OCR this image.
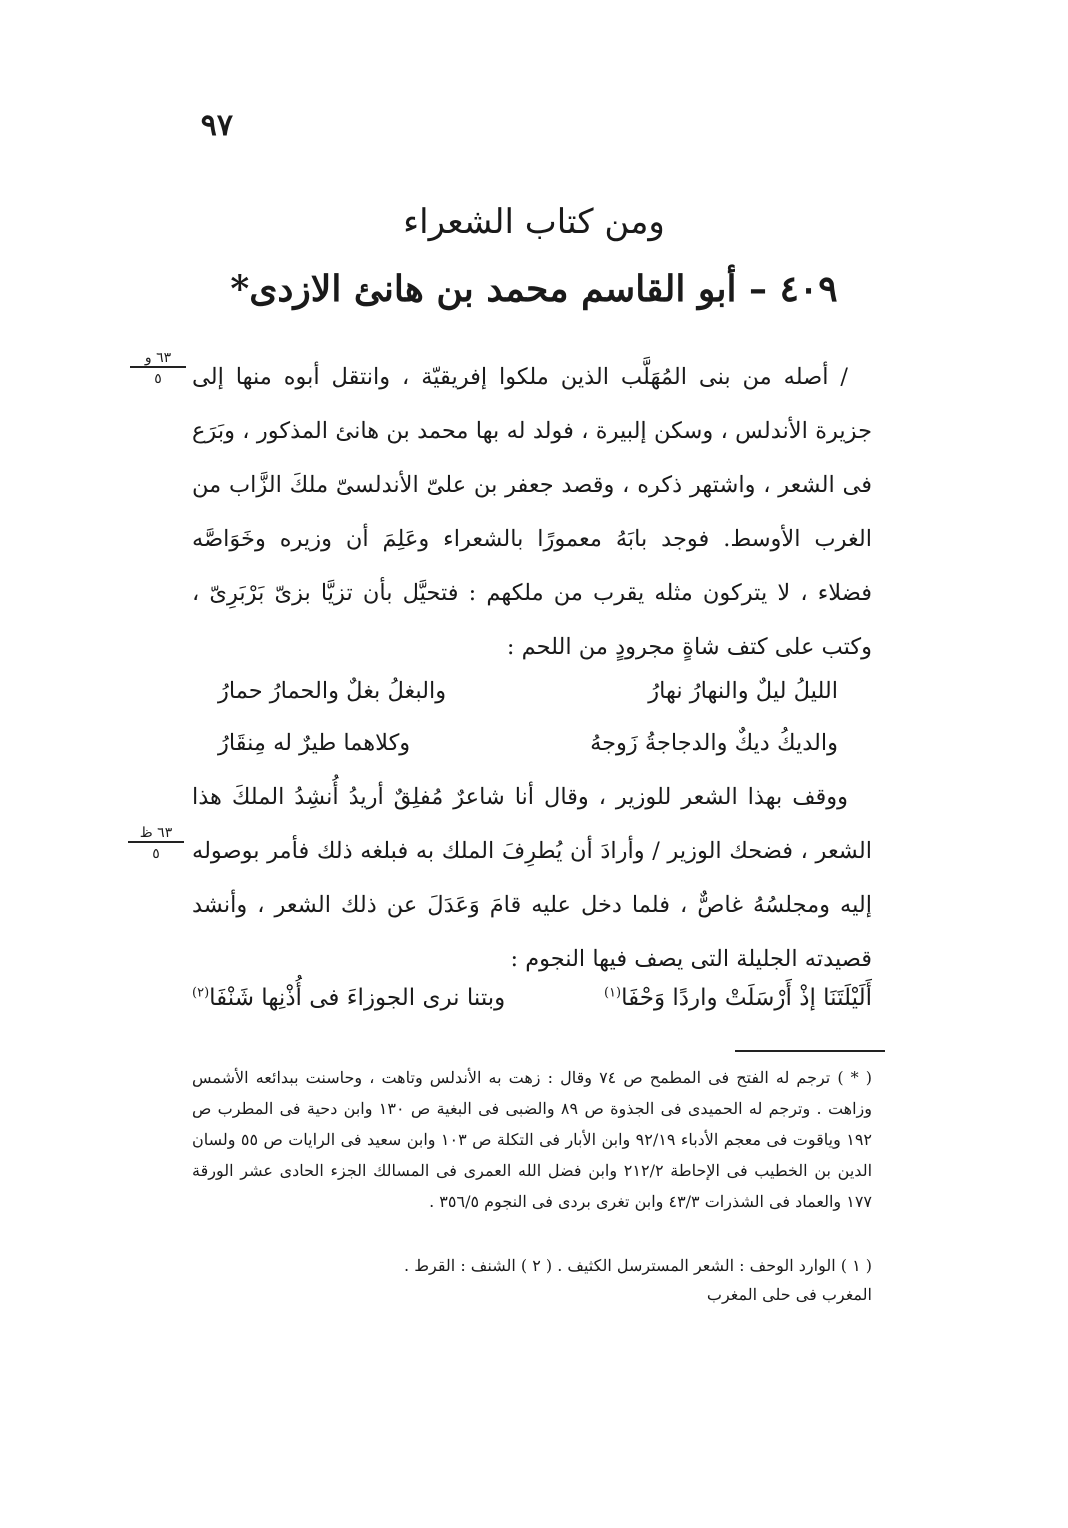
٩٧
ومن كتاب الشعراء
٤٠٩ – أبو القاسم محمد بن هانئ الازدى*
٦٣ و
٥	/ أصله من بنى المُهَلَّب الذين ملكوا إفريقيّة ، وانتقل أبوه منها إلى جزيرة الأندلس ، وسكن إلبيرة ، فولد له بها محمد بن هانئ المذكور ، وبَرَع فى الشعر ، واشتهر ذكره ، وقصد جعفر بن علىّ الأندلسىّ ملكَ الزَّاب من الغرب الأوسط. فوجد بابَهُ معمورًا بالشعراء وعَلِمَ أن وزيره وخَوَاصَّه فضلاء ، لا يتركون مثله يقرب من ملكهم : فتحيَّل بأن تزيَّا بزىّ بَرْبَرِىّ ، وكتب على كتف شاةٍ مجرودٍ من اللحم :

الليلُ ليلٌ والنهارُ نهارُ
والبغلُ بغلٌ والحمارُ حمارُ
والديكُ ديكٌ والدجاجةُ زَوجهُ
وكلاهما طيرٌ له مِنقَارُ
٦٣ ظ
٥

ووقف بهذا الشعر للوزير ، وقال أنا شاعرٌ مُفلِقٌ أريدُ أُنشِدُ الملكَ هذا الشعر ، فضحك الوزير / وأرادَ أن يُطرِفَ الملك به فبلغه ذلك فأمر بوصوله إليه ومجلسُهُ غاصٌّ ، فلما دخل عليه قامَ وَعَدَلَ عن ذلك الشعر ، وأنشد قصيدته الجليلة التى يصف فيها النجوم :

أَلَيْلَتَنَا إذْ أَرْسَلَتْ واردًا وَحْفَا$^{(١)}$
وبتنا نرى الجوزاءَ فى أُذْنِها شَنْفَا$^{(٢)}$

( * ) ترجم له الفتح فى المطمح ص ٧٤ وقال : زهت به الأندلس وتاهت ، وحاسنت ببدائعه الأشمس وزاهت . وترجم له الحميدى فى الجذوة ص ٨٩ والضبى فى البغية ص ١٣٠ وابن دحية فى المطرب ص ١٩٢ وياقوت فى معجم الأدباء ٩٢/١٩ وابن الأبار فى التكلة ص ١٠٣ وابن سعيد فى الرايات ص ٥٥ ولسان الدين بن الخطيب فى الإحاطة ٢١٢/٢ وابن فضل الله العمرى فى المسالك الجزء الحادى عشر الورقة ١٧٧ والعماد فى الشذرات ٤٣/٣ وابن تغرى بردى فى النجوم ٣٥٦/٥ .

( ١ ) الوارد الوحف : الشعر المسترسل الكثيف . ( ٢ ) الشنف : القرط .
المغرب فى حلى المغرب
